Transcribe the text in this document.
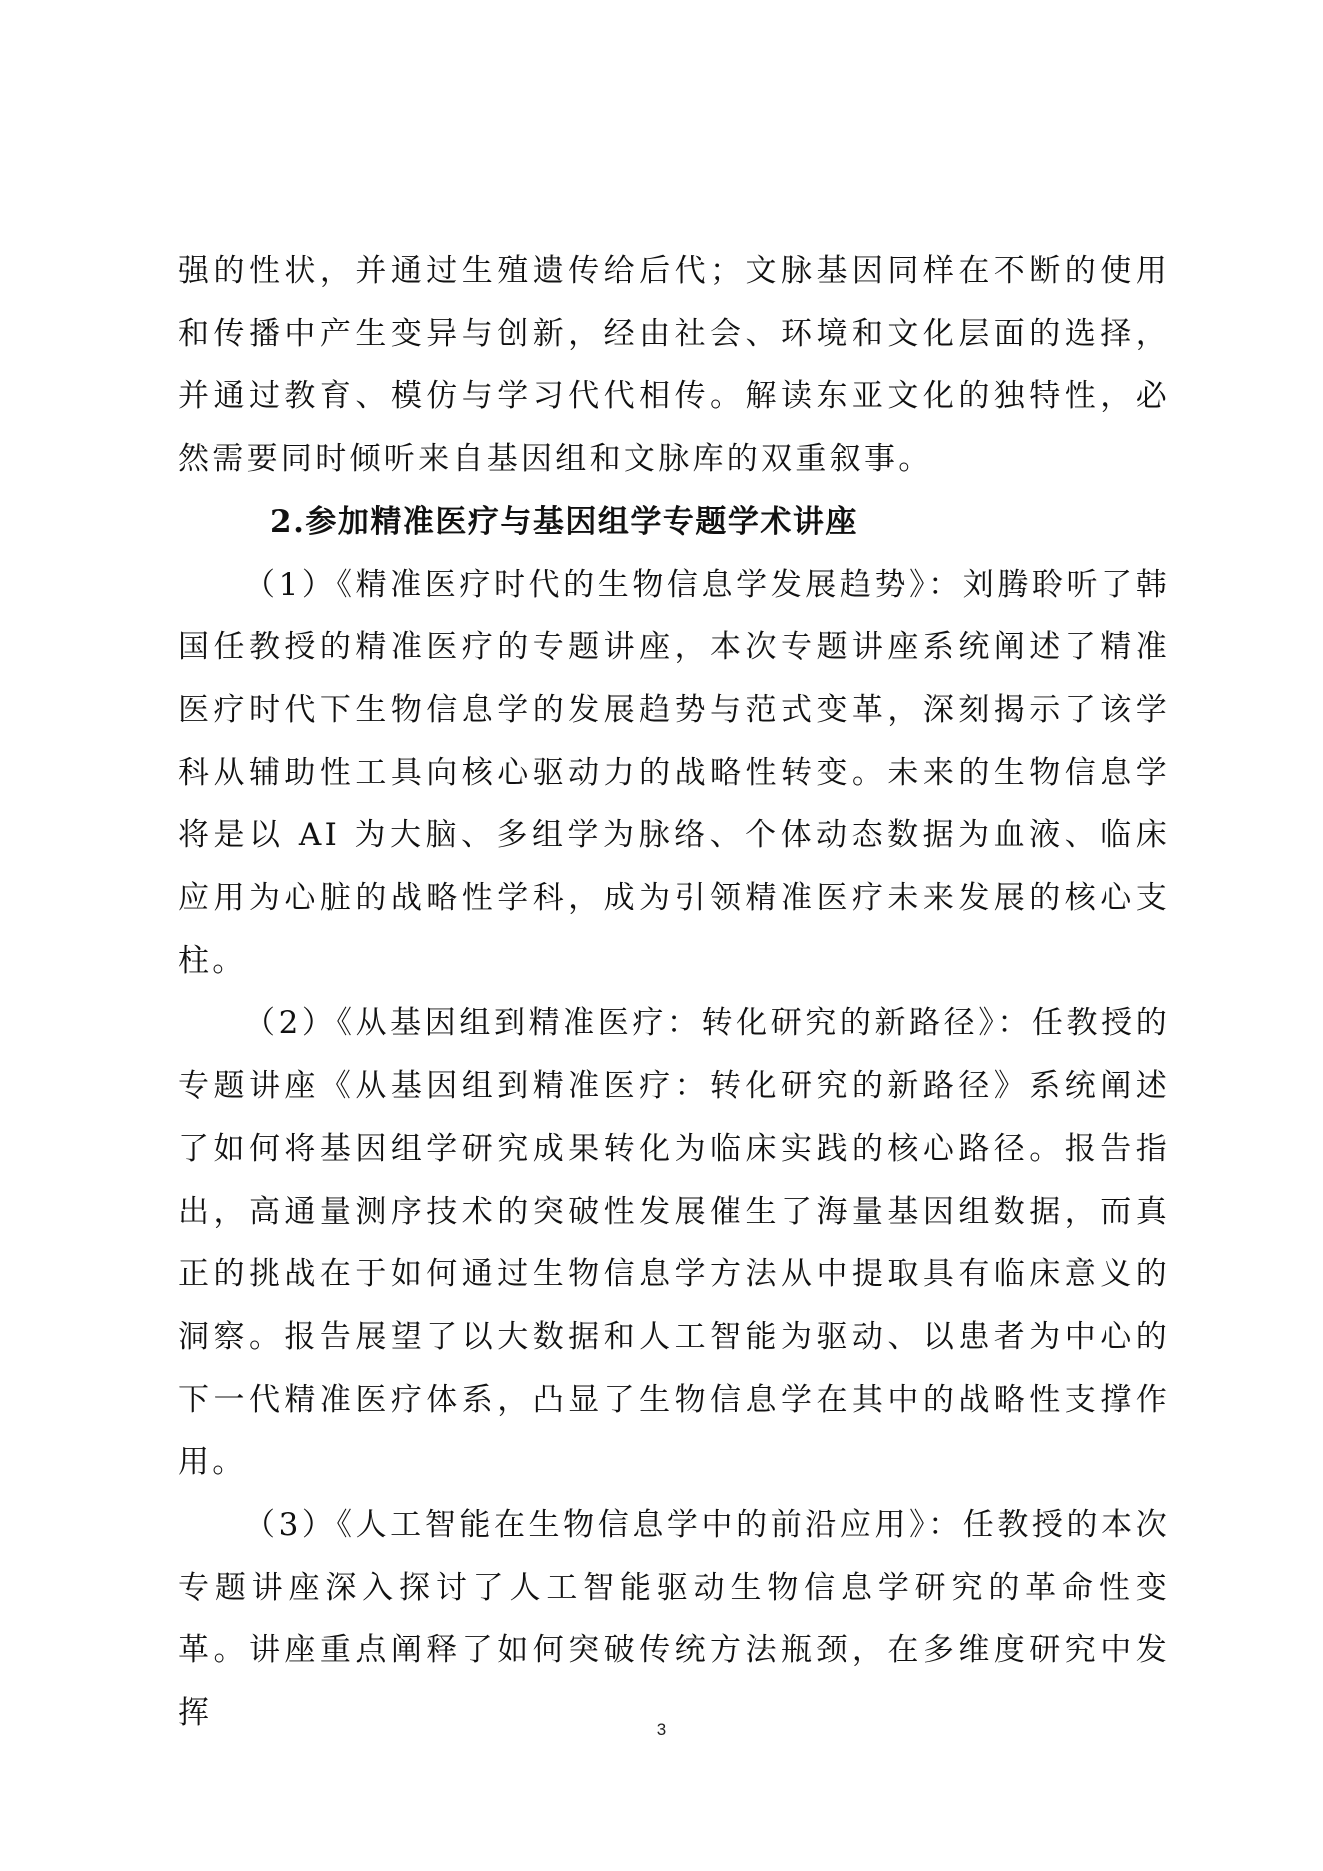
强的性状，并通过生殖遗传给后代；文脉基因同样在不断的使用和传播中产生变异与创新，经由社会、环境和文化层面的选择，并通过教育、模仿与学习代代相传。解读东亚文化的独特性，必然需要同时倾听来自基因组和文脉库的双重叙事。

2.参加精准医疗与基因组学专题学术讲座

（1）《精准医疗时代的生物信息学发展趋势》：刘腾聆听了韩国任教授的精准医疗的专题讲座，本次专题讲座系统阐述了精准医疗时代下生物信息学的发展趋势与范式变革，深刻揭示了该学科从辅助性工具向核心驱动力的战略性转变。未来的生物信息学将是以 AI 为大脑、多组学为脉络、个体动态数据为血液、临床应用为心脏的战略性学科，成为引领精准医疗未来发展的核心支柱。

（2）《从基因组到精准医疗：转化研究的新路径》：任教授的专题讲座《从基因组到精准医疗：转化研究的新路径》系统阐述了如何将基因组学研究成果转化为临床实践的核心路径。报告指出，高通量测序技术的突破性发展催生了海量基因组数据，而真正的挑战在于如何通过生物信息学方法从中提取具有临床意义的洞察。报告展望了以大数据和人工智能为驱动、以患者为中心的下一代精准医疗体系，凸显了生物信息学在其中的战略性支撑作用。

（3）《人工智能在生物信息学中的前沿应用》：任教授的本次专题讲座深入探讨了人工智能驱动生物信息学研究的革命性变革。讲座重点阐释了如何突破传统方法瓶颈，在多维度研究中发挥	3
